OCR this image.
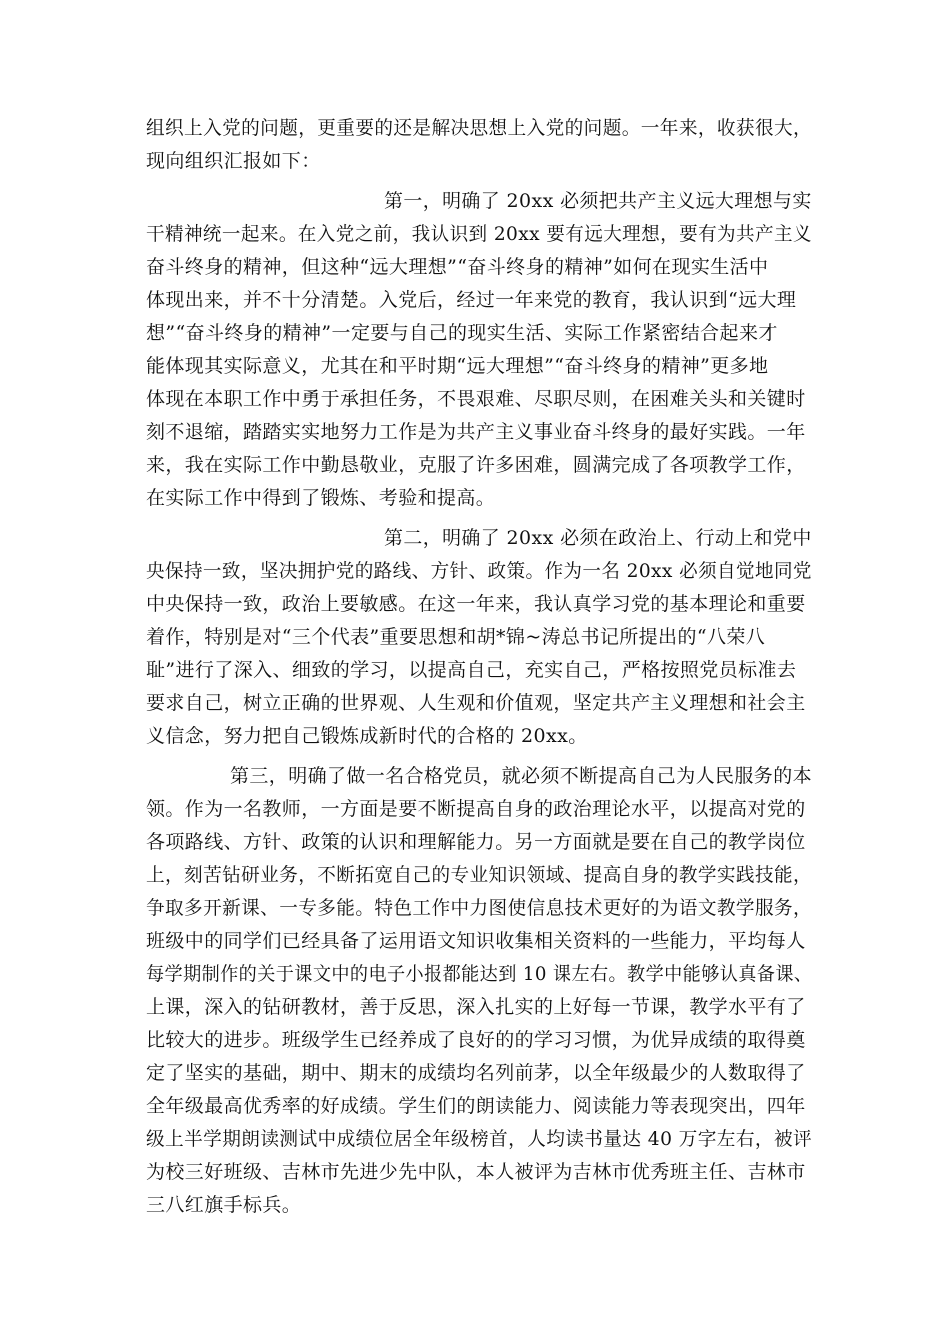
组织上入党的问题，更重要的还是解决思想上入党的问题。一年来，收获很大，
现向组织汇报如下：
第一，明确了 20xx 必须把共产主义远大理想与实
干精神统一起来。在入党之前，我认识到 20xx 要有远大理想，要有为共产主义
奋斗终身的精神，但这种“远大理想”“奋斗终身的精神”如何在现实生活中
体现出来，并不十分清楚。入党后，经过一年来党的教育，我认识到“远大理
想”“奋斗终身的精神”一定要与自己的现实生活、实际工作紧密结合起来才
能体现其实际意义，尤其在和平时期“远大理想”“奋斗终身的精神”更多地
体现在本职工作中勇于承担任务，不畏艰难、尽职尽则，在困难关头和关键时
刻不退缩，踏踏实实地努力工作是为共产主义事业奋斗终身的最好实践。一年
来，我在实际工作中勤恳敬业，克服了许多困难，圆满完成了各项教学工作，
在实际工作中得到了锻炼、考验和提高。
第二，明确了 20xx 必须在政治上、行动上和党中
央保持一致，坚决拥护党的路线、方针、政策。作为一名 20xx 必须自觉地同党
中央保持一致，政治上要敏感。在这一年来，我认真学习党的基本理论和重要
着作，特别是对“三个代表”重要思想和胡*锦~涛总书记所提出的“八荣八
耻”进行了深入、细致的学习，以提高自己，充实自己，严格按照党员标准去
要求自己，树立正确的世界观、人生观和价值观，坚定共产主义理想和社会主
义信念，努力把自己锻炼成新时代的合格的 20xx。
第三，明确了做一名合格党员，就必须不断提高自己为人民服务的本
领。作为一名教师，一方面是要不断提高自身的政治理论水平，以提高对党的
各项路线、方针、政策的认识和理解能力。另一方面就是要在自己的教学岗位
上，刻苦钻研业务，不断拓宽自己的专业知识领域、提高自身的教学实践技能，
争取多开新课、一专多能。特色工作中力图使信息技术更好的为语文教学服务，
班级中的同学们已经具备了运用语文知识收集相关资料的一些能力，平均每人
每学期制作的关于课文中的电子小报都能达到 10 课左右。教学中能够认真备课、
上课，深入的钻研教材，善于反思，深入扎实的上好每一节课，教学水平有了
比较大的进步。班级学生已经养成了良好的的学习习惯，为优异成绩的取得奠
定了坚实的基础，期中、期末的成绩均名列前茅，以全年级最少的人数取得了
全年级最高优秀率的好成绩。学生们的朗读能力、阅读能力等表现突出，四年
级上半学期朗读测试中成绩位居全年级榜首，人均读书量达 40 万字左右，被评
为校三好班级、吉林市先进少先中队，本人被评为吉林市优秀班主任、吉林市
三八红旗手标兵。
